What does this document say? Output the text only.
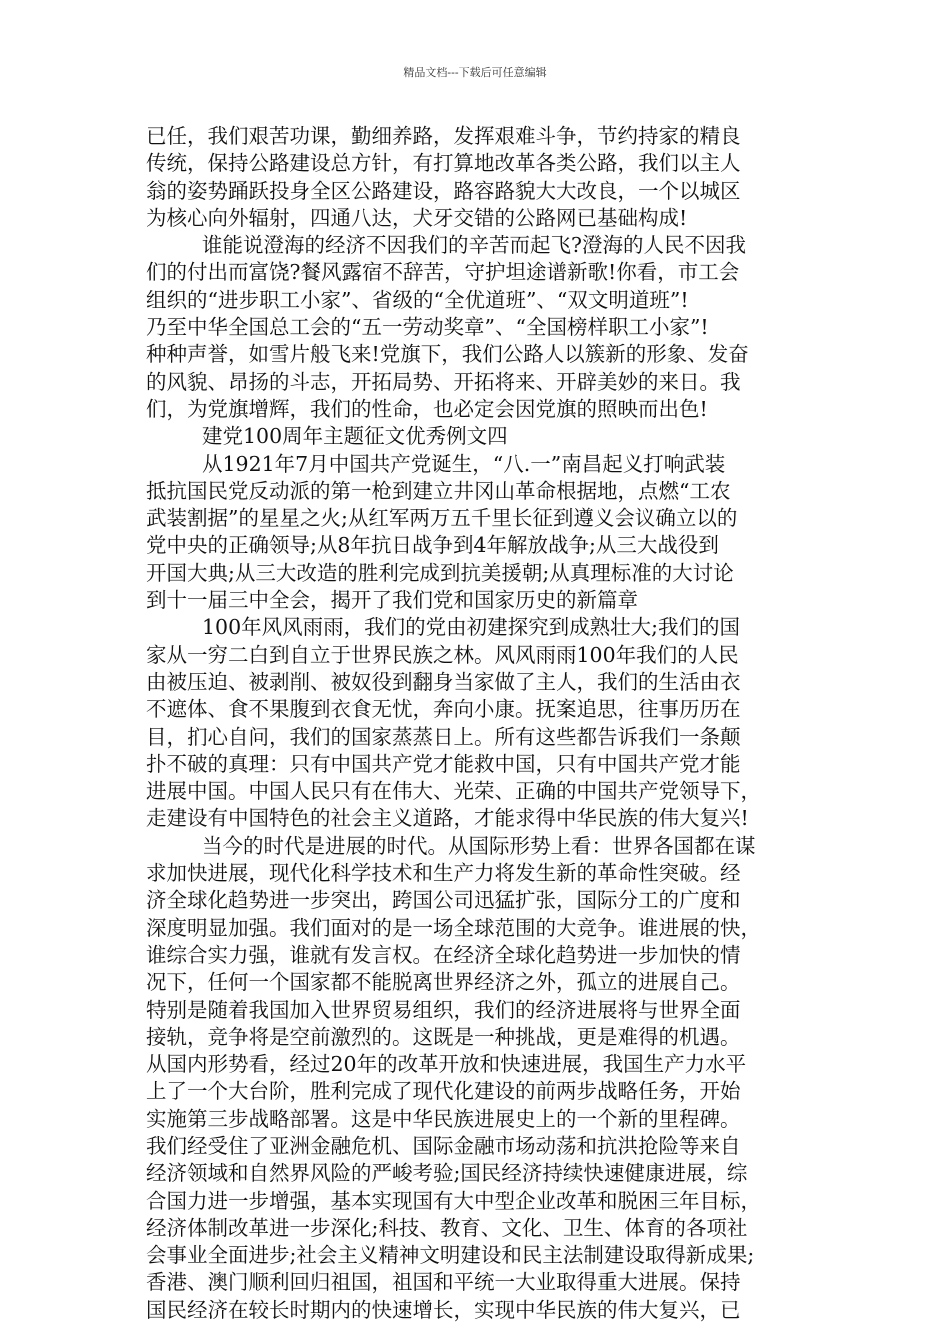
精品文档---下载后可任意编辑
已任，我们艰苦功课，勤细养路，发挥艰难斗争，节约持家的精良
传统，保持公路建设总方针，有打算地改革各类公路，我们以主人
翁的姿势踊跃投身全区公路建设，路容路貌大大改良，一个以城区
为核心向外辐射，四通八达，犬牙交错的公路网已基础构成!
谁能说澄海的经济不因我们的辛苦而起飞?澄海的人民不因我
们的付出而富饶?餐风露宿不辞苦，守护坦途谱新歌!你看，市工会
组织的“进步职工小家”、省级的“全优道班”、“双文明道班”!
乃至中华全国总工会的“五一劳动奖章”、“全国榜样职工小家”!
种种声誉，如雪片般飞来!党旗下，我们公路人以簇新的形象、发奋
的风貌、昂扬的斗志，开拓局势、开拓将来、开辟美妙的来日。我
们，为党旗增辉，我们的性命，也必定会因党旗的照映而出色!
建党100周年主题征文优秀例文四
从1921年7月中国共产党诞生，“八.一”南昌起义打响武装
抵抗国民党反动派的第一枪到建立井冈山革命根据地，点燃“工农
武装割据”的星星之火;从红军两万五千里长征到遵义会议确立以的
党中央的正确领导;从8年抗日战争到4年解放战争;从三大战役到
开国大典;从三大改造的胜利完成到抗美援朝;从真理标准的大讨论
到十一届三中全会，揭开了我们党和国家历史的新篇章
100年风风雨雨，我们的党由初建探究到成熟壮大;我们的国
家从一穷二白到自立于世界民族之林。风风雨雨100年我们的人民
由被压迫、被剥削、被奴役到翻身当家做了主人，我们的生活由衣
不遮体、食不果腹到衣食无忧，奔向小康。抚案追思，往事历历在
目，扪心自问，我们的国家蒸蒸日上。所有这些都告诉我们一条颠
扑不破的真理：只有中国共产党才能救中国，只有中国共产党才能
进展中国。中国人民只有在伟大、光荣、正确的中国共产党领导下，
走建设有中国特色的社会主义道路，才能求得中华民族的伟大复兴!
当今的时代是进展的时代。从国际形势上看：世界各国都在谋
求加快进展，现代化科学技术和生产力将发生新的革命性突破。经
济全球化趋势进一步突出，跨国公司迅猛扩张，国际分工的广度和
深度明显加强。我们面对的是一场全球范围的大竞争。谁进展的快，
谁综合实力强，谁就有发言权。在经济全球化趋势进一步加快的情
况下，任何一个国家都不能脱离世界经济之外，孤立的进展自己。
特别是随着我国加入世界贸易组织，我们的经济进展将与世界全面
接轨，竞争将是空前激烈的。这既是一种挑战，更是难得的机遇。
从国内形势看，经过20年的改革开放和快速进展，我国生产力水平
上了一个大台阶，胜利完成了现代化建设的前两步战略任务，开始
实施第三步战略部署。这是中华民族进展史上的一个新的里程碑。
我们经受住了亚洲金融危机、国际金融市场动荡和抗洪抢险等来自
经济领域和自然界风险的严峻考验;国民经济持续快速健康进展，综
合国力进一步增强，基本实现国有大中型企业改革和脱困三年目标，
经济体制改革进一步深化;科技、教育、文化、卫生、体育的各项社
会事业全面进步;社会主义精神文明建设和民主法制建设取得新成果;
香港、澳门顺利回归祖国，祖国和平统一大业取得重大进展。保持
国民经济在较长时期内的快速增长，实现中华民族的伟大复兴，已
